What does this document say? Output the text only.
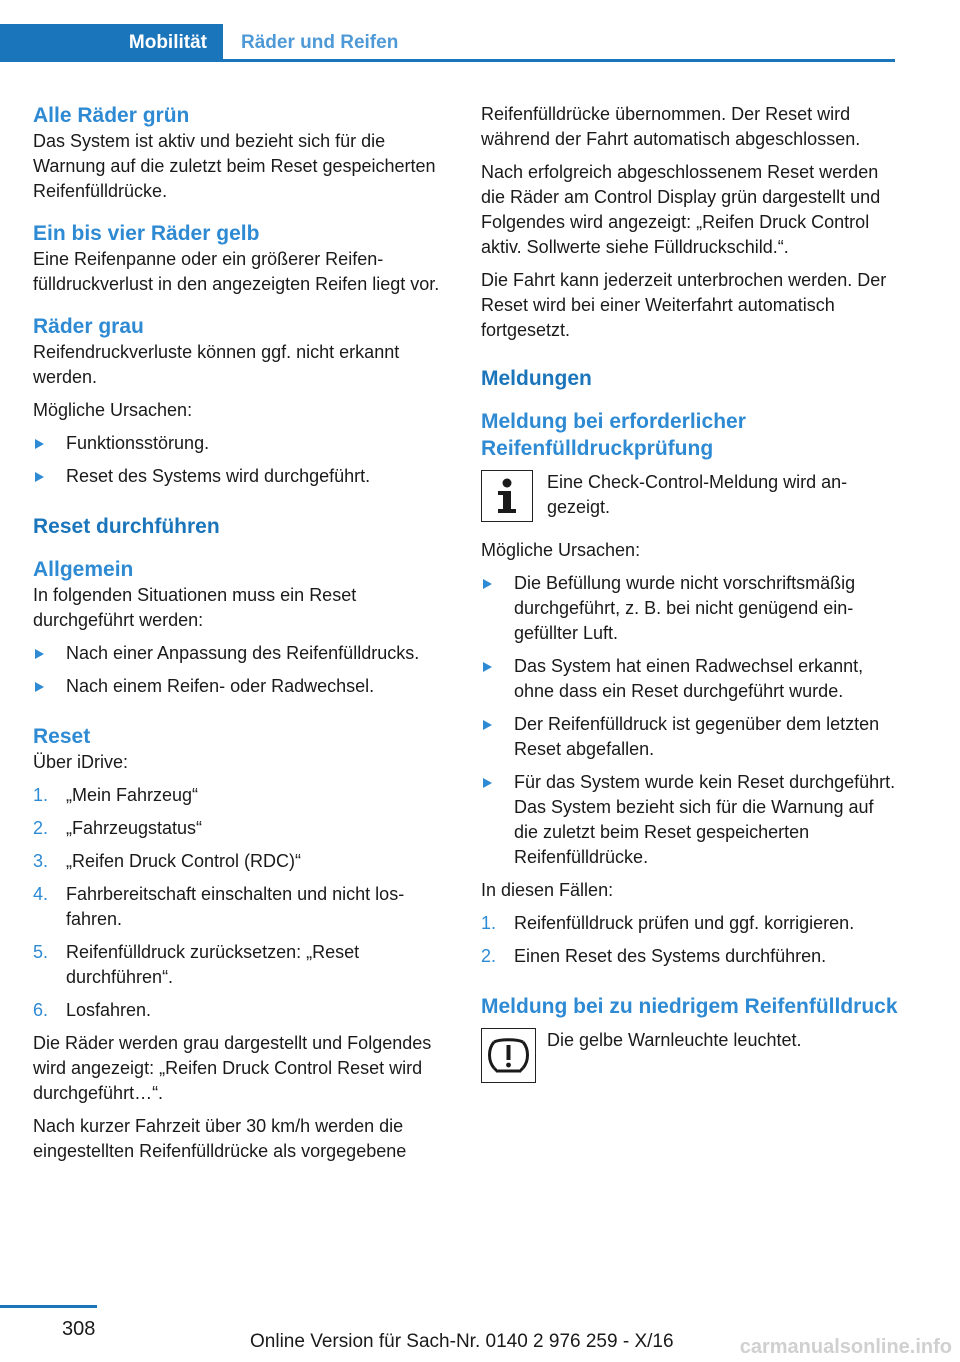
Mobilität	Räder und Reifen
Alle Räder grün

Das System ist aktiv und bezieht sich für die Warnung auf die zuletzt beim Reset gespeicherten Reifenfülldrücke.

Ein bis vier Räder gelb

Eine Reifenpanne oder ein größerer Reifenfülldruckverlust in den angezeigten Reifen liegt vor.

Räder grau

Reifendruckverluste können ggf. nicht erkannt werden.

Mögliche Ursachen:

Funktionsstörung.
Reset des Systems wird durchgeführt.
Reset durchführen
Allgemein

In folgenden Situationen muss ein Reset durchgeführt werden:

Nach einer Anpassung des Reifenfülldrucks.
Nach einem Reifen- oder Radwechsel.
Reset

Über iDrive:

1. „Mein Fahrzeug“
2. „Fahrzeugstatus“
3. „Reifen Druck Control (RDC)“
4. Fahrbereitschaft einschalten und nicht losfahren.
5. Reifenfülldruck zurücksetzen: „Reset durchführen“.
6. Losfahren.

Die Räder werden grau dargestellt und Folgendes wird angezeigt: „Reifen Druck Control Reset wird durchgeführt…“.

Nach kurzer Fahrzeit über 30 km/h werden die eingestellten Reifenfülldrücke als vorgegebene

Reifenfülldrücke übernommen. Der Reset wird während der Fahrt automatisch abgeschlossen.

Nach erfolgreich abgeschlossenem Reset werden die Räder am Control Display grün dargestellt und Folgendes wird angezeigt: „Reifen Druck Control aktiv. Sollwerte siehe Fülldruckschild.“.

Die Fahrt kann jederzeit unterbrochen werden. Der Reset wird bei einer Weiterfahrt automatisch fortgesetzt.

Meldungen
Meldung bei erforderlicher Reifenfülldruckprüfung

Eine Check-Control-Meldung wird angezeigt.

Mögliche Ursachen:

Die Befüllung wurde nicht vorschriftsmäßig durchgeführt, z. B. bei nicht genügend eingefüllter Luft.
Das System hat einen Radwechsel erkannt, ohne dass ein Reset durchgeführt wurde.
Der Reifenfülldruck ist gegenüber dem letzten Reset abgefallen.
Für das System wurde kein Reset durchgeführt. Das System bezieht sich für die Warnung auf die zuletzt beim Reset gespeicherten Reifenfülldrücke.

In diesen Fällen:

1. Reifenfülldruck prüfen und ggf. korrigieren.
2. Einen Reset des Systems durchführen.
Meldung bei zu niedrigem Reifenfülldruck

Die gelbe Warnleuchte leuchtet.

308
Online Version für Sach-Nr. 0140 2 976 259 - X/16	carmanualsonline.info
